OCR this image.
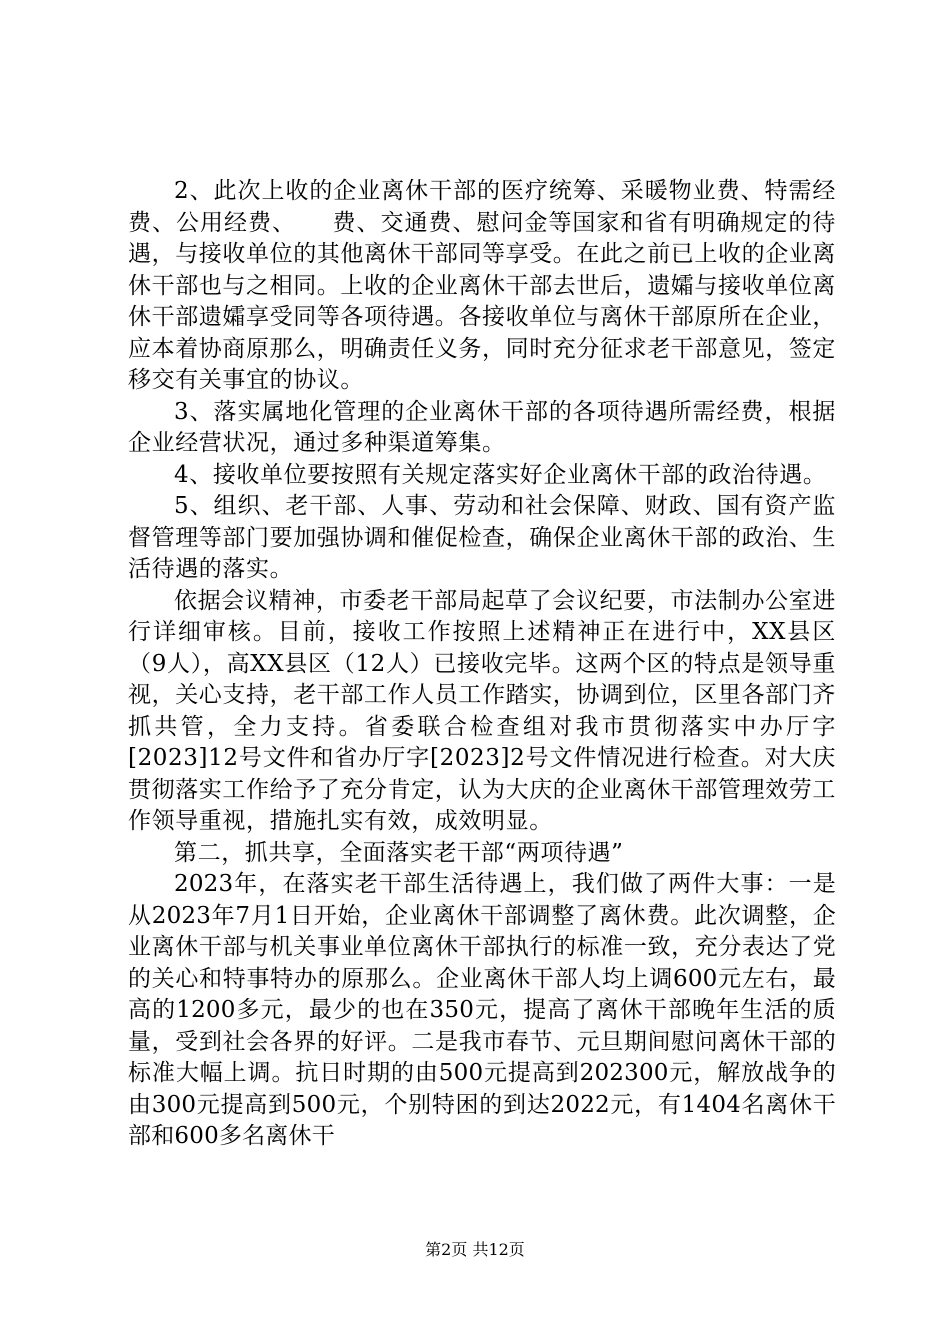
2、此次上收的企业离休干部的医疗统筹、采暖物业费、特需经费、公用经费、　　费、交通费、慰问金等国家和省有明确规定的待遇，与接收单位的其他离休干部同等享受。在此之前已上收的企业离休干部也与之相同。上收的企业离休干部去世后，遗孀与接收单位离休干部遗孀享受同等各项待遇。各接收单位与离休干部原所在企业，应本着协商原那么，明确责任义务，同时充分征求老干部意见，签定移交有关事宜的协议。

3、落实属地化管理的企业离休干部的各项待遇所需经费，根据企业经营状况，通过多种渠道筹集。

4、接收单位要按照有关规定落实好企业离休干部的政治待遇。

5、组织、老干部、人事、劳动和社会保障、财政、国有资产监督管理等部门要加强协调和催促检查，确保企业离休干部的政治、生活待遇的落实。

依据会议精神，市委老干部局起草了会议纪要，市法制办公室进行详细审核。目前，接收工作按照上述精神正在进行中，XX县区（9人），高XX县区（12人）已接收完毕。这两个区的特点是领导重视，关心支持，老干部工作人员工作踏实，协调到位，区里各部门齐抓共管，全力支持。省委联合检查组对我市贯彻落实中办厅字[2023]12号文件和省办厅字[2023]2号文件情况进行检查。对大庆贯彻落实工作给予了充分肯定，认为大庆的企业离休干部管理效劳工作领导重视，措施扎实有效，成效明显。

第二，抓共享，全面落实老干部“两项待遇”

2023年，在落实老干部生活待遇上，我们做了两件大事：一是从2023年7月1日开始，企业离休干部调整了离休费。此次调整，企业离休干部与机关事业单位离休干部执行的标准一致，充分表达了党的关心和特事特办的原那么。企业离休干部人均上调600元左右，最高的1200多元，最少的也在350元，提高了离休干部晚年生活的质量，受到社会各界的好评。二是我市春节、元旦期间慰问离休干部的标准大幅上调。抗日时期的由500元提高到202300元，解放战争的由300元提高到500元，个别特困的到达2022元，有1404名离休干部和600多名离休干

第2页 共12页
